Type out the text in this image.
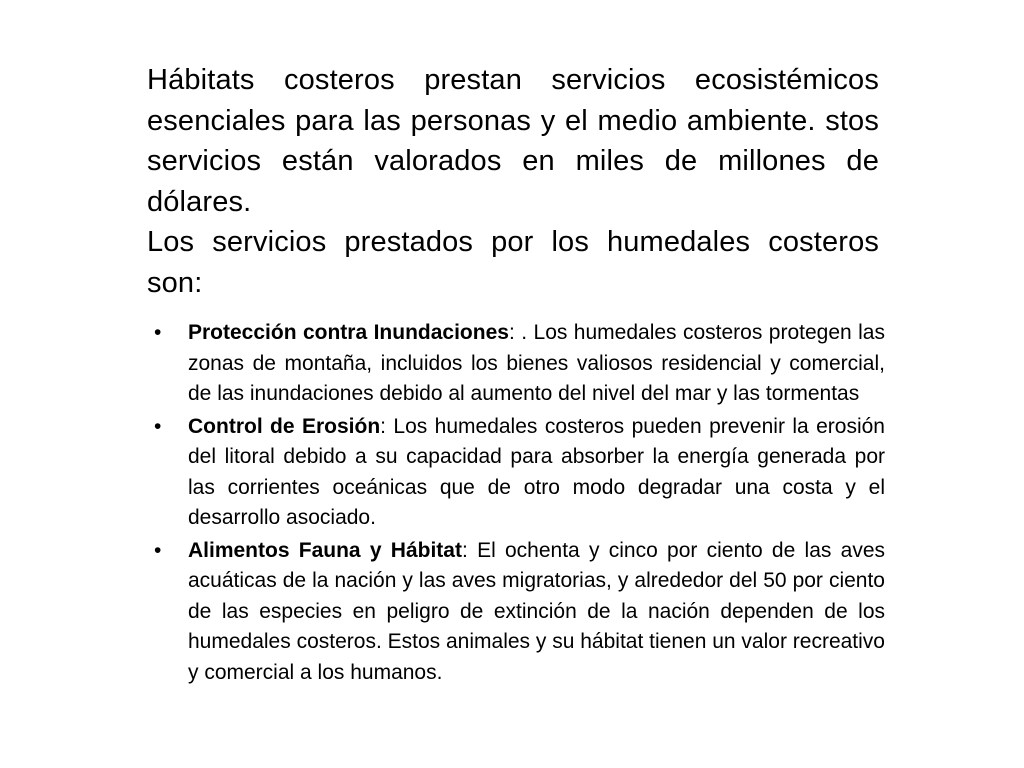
Hábitats costeros prestan servicios ecosistémicos esenciales para las personas y el medio ambiente. stos servicios están valorados en miles de millones de dólares.

Los servicios prestados por los humedales costeros son:

• Protección contra Inundaciones: . Los humedales costeros protegen las zonas de montaña, incluidos los bienes valiosos residencial y comercial, de las inundaciones debido al aumento del nivel del mar y las tormentas
• Control de Erosión: Los humedales costeros pueden prevenir la erosión del litoral debido a su capacidad para absorber la energía generada por las corrientes oceánicas que de otro modo degradar una costa y el desarrollo asociado.
• Alimentos Fauna y Hábitat: El ochenta y cinco por ciento de las aves acuáticas de la nación y las aves migratorias, y alrededor del 50 por ciento de las especies en peligro de extinción de la nación dependen de los humedales costeros. Estos animales y su hábitat tienen un valor recreativo y comercial a los humanos.
